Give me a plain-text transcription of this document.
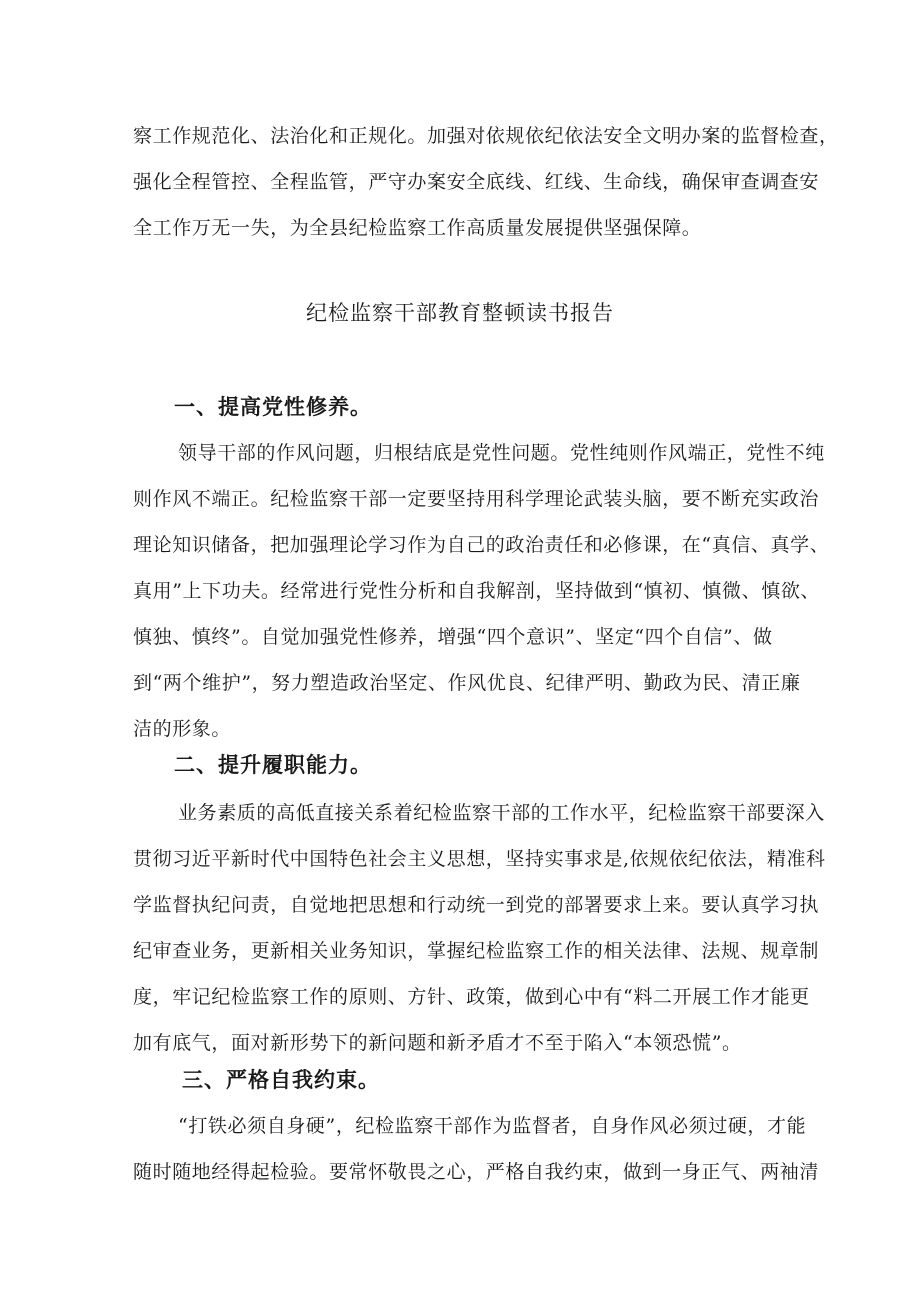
察工作规范化、法治化和正规化。加强对依规依纪依法安全文明办案的监督检查，
强化全程管控、全程监管，严守办案安全底线、红线、生命线，确保审查调查安
全工作万无一失，为全县纪检监察工作高质量发展提供坚强保障。
纪检监察干部教育整顿读书报告
一、提高党性修养。
领导干部的作风问题，归根结底是党性问题。党性纯则作风端正，党性不纯
则作风不端正。纪检监察干部一定要坚持用科学理论武装头脑，要不断充实政治
理论知识储备，把加强理论学习作为自己的政治责任和必修课，在“真信、真学、
真用”上下功夫。经常进行党性分析和自我解剖，坚持做到“慎初、慎微、慎欲、
慎独、慎终”。自觉加强党性修养，增强“四个意识”、坚定“四个自信”、做
到“两个维护”，努力塑造政治坚定、作风优良、纪律严明、勤政为民、清正廉
洁的形象。
二、提升履职能力。
业务素质的高低直接关系着纪检监察干部的工作水平，纪检监察干部要深入
贯彻习近平新时代中国特色社会主义思想，坚持实事求是,依规依纪依法，精准科
学监督执纪问责，自觉地把思想和行动统一到党的部署要求上来。要认真学习执
纪审查业务，更新相关业务知识，掌握纪检监察工作的相关法律、法规、规章制
度，牢记纪检监察工作的原则、方针、政策，做到心中有“料二开展工作才能更
加有底气，面对新形势下的新问题和新矛盾才不至于陷入“本领恐慌”。
三、严格自我约束。
“打铁必须自身硬”，纪检监察干部作为监督者，自身作风必须过硬，才能
随时随地经得起检验。要常怀敬畏之心，严格自我约束，做到一身正气、两袖清
